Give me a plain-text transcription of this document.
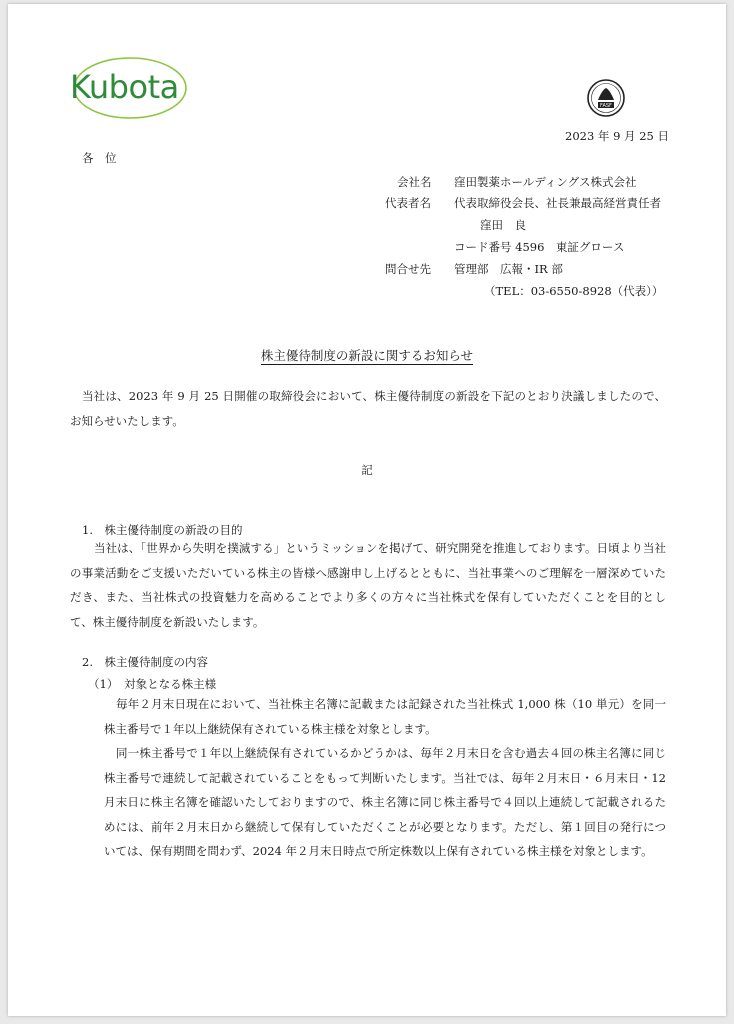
Kubota	FASF
2023 年 9 月 25 日
各　位
会社名 窪田製薬ホールディングス株式会社
代表者名 代表取締役会長、社長兼最高経営責任者
窪田　良
コード番号 4596　東証グロース
問合せ先 管理部　広報・IR 部
（TEL：03-6550-8928（代表））
株主優待制度の新設に関するお知らせ
当社は、2023 年 9 月 25 日開催の取締役会において、株主優待制度の新設を下記のとおり決議しましたので、お知らせいたします。
記
1.　株主優待制度の新設の目的
当社は、「世界から失明を撲滅する」というミッションを掲げて、研究開発を推進しております。日頃より当社の事業活動をご支援いただいている株主の皆様へ感謝申し上げるとともに、当社事業へのご理解を一層深めていただき、また、当社株式の投資魅力を高めることでより多くの方々に当社株式を保有していただくことを目的として、株主優待制度を新設いたします。
2.　株主優待制度の内容
（1）　対象となる株主様
毎年２月末日現在において、当社株主名簿に記載または記録された当社株式 1,000 株（10 単元）を同一株主番号で１年以上継続保有されている株主様を対象とします。
同一株主番号で１年以上継続保有されているかどうかは、毎年２月末日を含む過去４回の株主名簿に同じ株主番号で連続して記載されていることをもって判断いたします。当社では、毎年２月末日・６月末日・12 月末日に株主名簿を確認いたしておりますので、株主名簿に同じ株主番号で４回以上連続して記載されるためには、前年２月末日から継続して保有していただくことが必要となります。ただし、第１回目の発行については、保有期間を問わず、2024 年２月末日時点で所定株数以上保有されている株主様を対象とします。
